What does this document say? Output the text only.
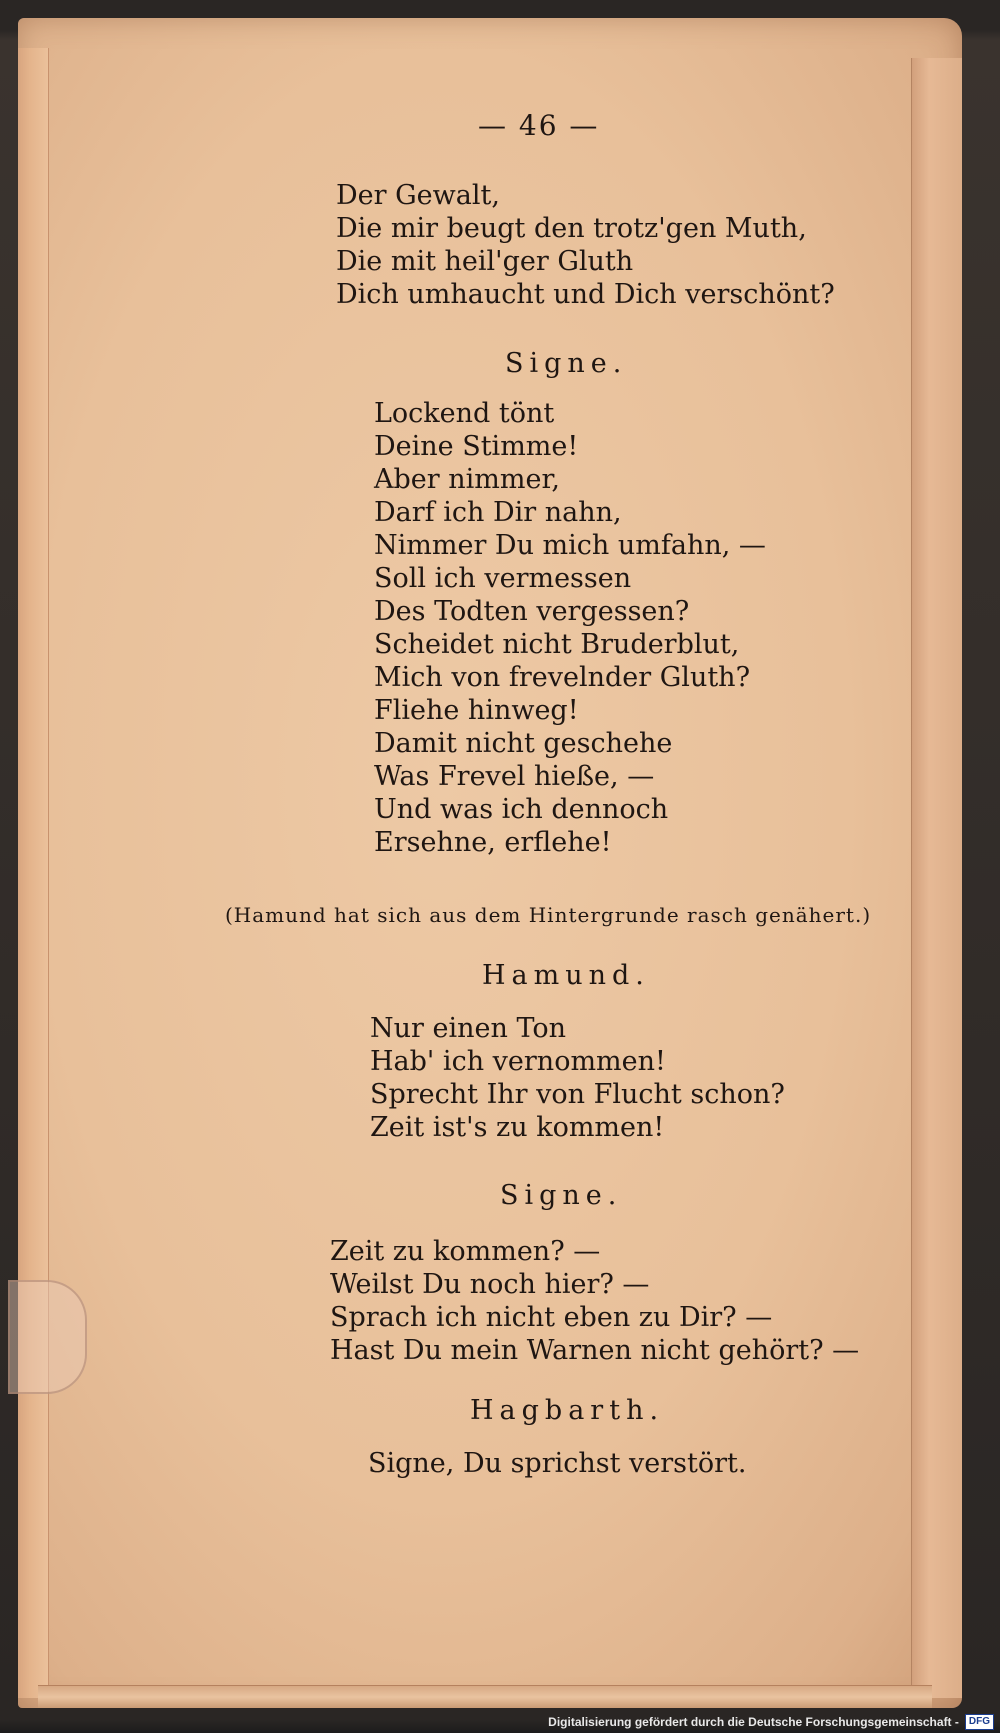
— 46 —
Der Gewalt,
Die mir beugt den trotz'gen Muth,
Die mit heil'ger Gluth
Dich umhaucht und Dich verschönt?
Signe.
Lockend tönt
Deine Stimme!
Aber nimmer,
Darf ich Dir nahn,
Nimmer Du mich umfahn, —
Soll ich vermessen
Des Todten vergessen?
Scheidet nicht Bruderblut,
Mich von frevelnder Gluth?
Fliehe hinweg!
Damit nicht geschehe
Was Frevel hieße, —
Und was ich dennoch
Ersehne, erflehe!
(Hamund hat sich aus dem Hintergrunde rasch genähert.)
Hamund.
Nur einen Ton
Hab' ich vernommen!
Sprecht Ihr von Flucht schon?
Zeit ist's zu kommen!
Signe.
Zeit zu kommen? —
Weilst Du noch hier? —
Sprach ich nicht eben zu Dir? —
Hast Du mein Warnen nicht gehört? —
Hagbarth.
Signe, Du sprichst verstört.
Digitalisierung gefördert durch die Deutsche Forschungsgemeinschaft -	DFG
